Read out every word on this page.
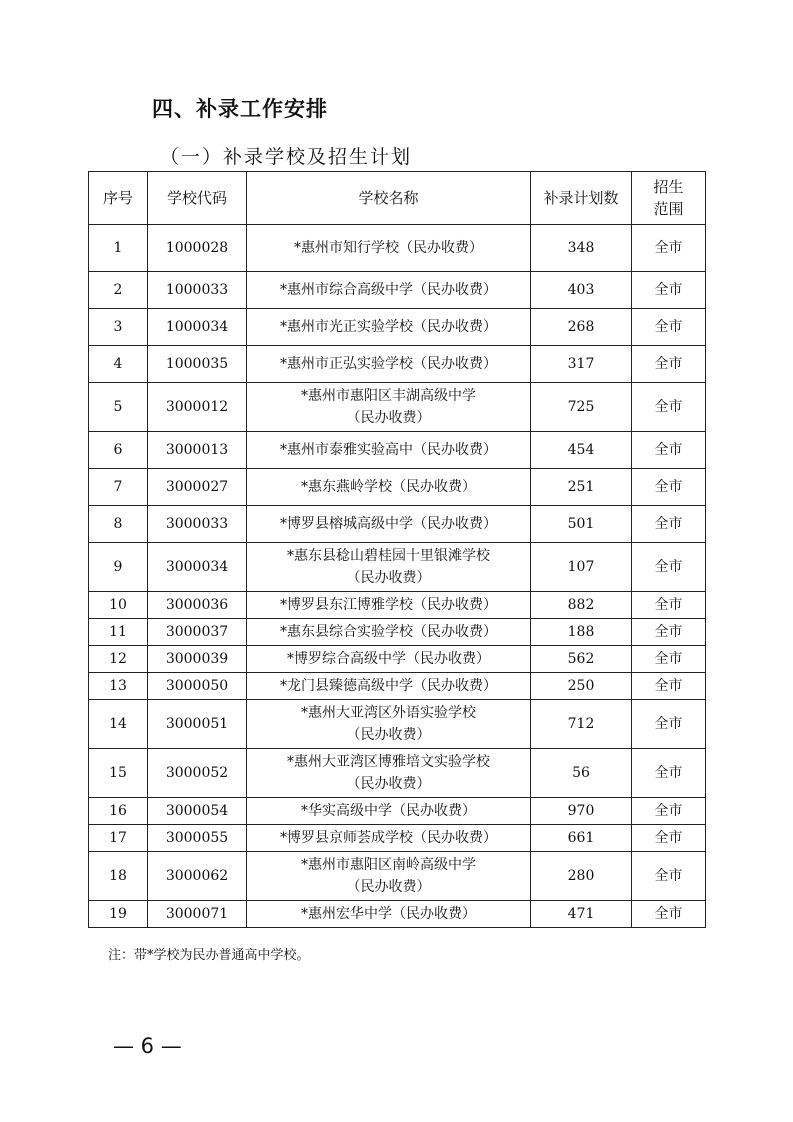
四、补录工作安排
（一）补录学校及招生计划
序号	学校代码	学校名称	补录计划数	招生
范围

1	1000028	*惠州市知行学校（民办收费）	348	全市
2	1000033	*惠州市综合高级中学（民办收费）	403	全市
3	1000034	*惠州市光正实验学校（民办收费）	268	全市
4	1000035	*惠州市正弘实验学校（民办收费）	317	全市
5	3000012	*惠州市惠阳区丰湖高级中学
（民办收费）	725	全市
6	3000013	*惠州市泰雅实验高中（民办收费）	454	全市
7	3000027	*惠东燕岭学校（民办收费）	251	全市
8	3000033	*博罗县榕城高级中学（民办收费）	501	全市
9	3000034	*惠东县稔山碧桂园十里银滩学校
（民办收费）	107	全市
10	3000036	*博罗县东江博雅学校（民办收费）	882	全市
11	3000037	*惠东县综合实验学校（民办收费）	188	全市
12	3000039	*博罗综合高级中学（民办收费）	562	全市
13	3000050	*龙门县臻德高级中学（民办收费）	250	全市
14	3000051	*惠州大亚湾区外语实验学校
（民办收费）	712	全市
15	3000052	*惠州大亚湾区博雅培文实验学校
（民办收费）	56	全市
16	3000054	*华实高级中学（民办收费）	970	全市
17	3000055	*博罗县京师荟成学校（民办收费）	661	全市
18	3000062	*惠州市惠阳区南岭高级中学
（民办收费）	280	全市
19	3000071	*惠州宏华中学（民办收费）	471	全市
注：带*学校为民办普通高中学校。
— 6 —
